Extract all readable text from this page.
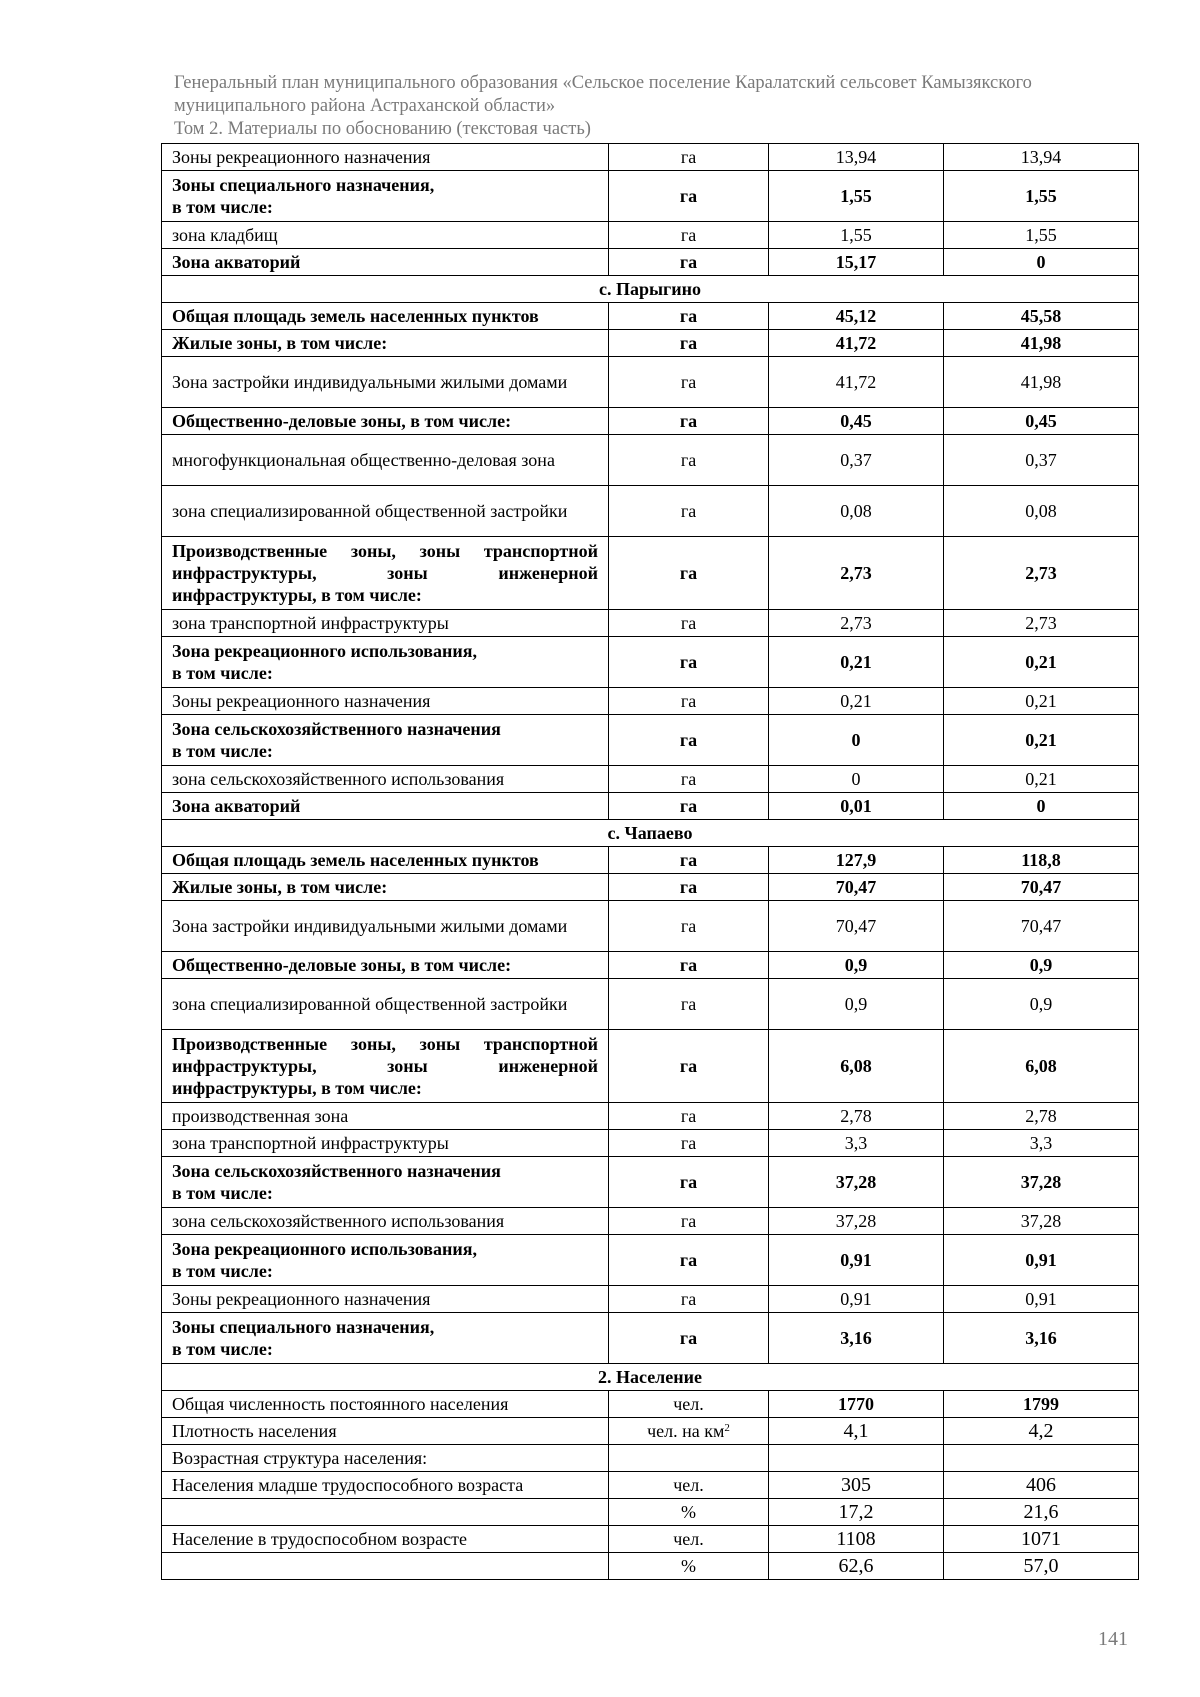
Генеральный план муниципального образования «Сельское поселение Каралатский сельсовет Камызякского
муниципального района Астраханской области»
Том 2. Материалы по обоснованию (текстовая часть)
Зоны рекреационного назначения	га	13,94	13,94
Зоны специального назначения,
в том числе:	га	1,55	1,55
зона кладбищ	га	1,55	1,55
Зона акваторий	га	15,17	0
с. Парыгино			
Общая площадь земель населенных пунктов	га	45,12	45,58
Жилые зоны, в том числе:	га	41,72	41,98
Зона застройки индивидуальными жилыми домами	га	41,72	41,98
Общественно-деловые зоны, в том числе:	га	0,45	0,45
многофункциональная общественно-деловая зона	га	0,37	0,37
зона специализированной общественной застройки	га	0,08	0,08
Производственные зоны, зоны транспортной инфраструктуры, зоны инженерной инфраструктуры, в том числе:	га	2,73	2,73
зона транспортной инфраструктуры	га	2,73	2,73
Зона рекреационного использования,
в том числе:	га	0,21	0,21
Зоны рекреационного назначения	га	0,21	0,21
Зона сельскохозяйственного назначения
в том числе:	га	0	0,21
зона сельскохозяйственного использования	га	0	0,21
Зона акваторий	га	0,01	0
с. Чапаево			
Общая площадь земель населенных пунктов	га	127,9	118,8
Жилые зоны, в том числе:	га	70,47	70,47
Зона застройки индивидуальными жилыми домами	га	70,47	70,47
Общественно-деловые зоны, в том числе:	га	0,9	0,9
зона специализированной общественной застройки	га	0,9	0,9
Производственные зоны, зоны транспортной инфраструктуры, зоны инженерной инфраструктуры, в том числе:	га	6,08	6,08
производственная зона	га	2,78	2,78
зона транспортной инфраструктуры	га	3,3	3,3
Зона сельскохозяйственного назначения
в том числе:	га	37,28	37,28
зона сельскохозяйственного использования	га	37,28	37,28
Зона рекреационного использования,
в том числе:	га	0,91	0,91
Зоны рекреационного назначения	га	0,91	0,91
Зоны специального назначения,
в том числе:	га	3,16	3,16
2. Население			
Общая численность постоянного населения	чел.	1770	1799
Плотность населения	чел. на $км^2$	4,1	4,2
Возрастная структура населения:			
Населения младше трудоспособного возраста	чел.	305	406
	%	17,2	21,6
Население в трудоспособном возрасте	чел.	1108	1071
	%	62,6	57,0
141
